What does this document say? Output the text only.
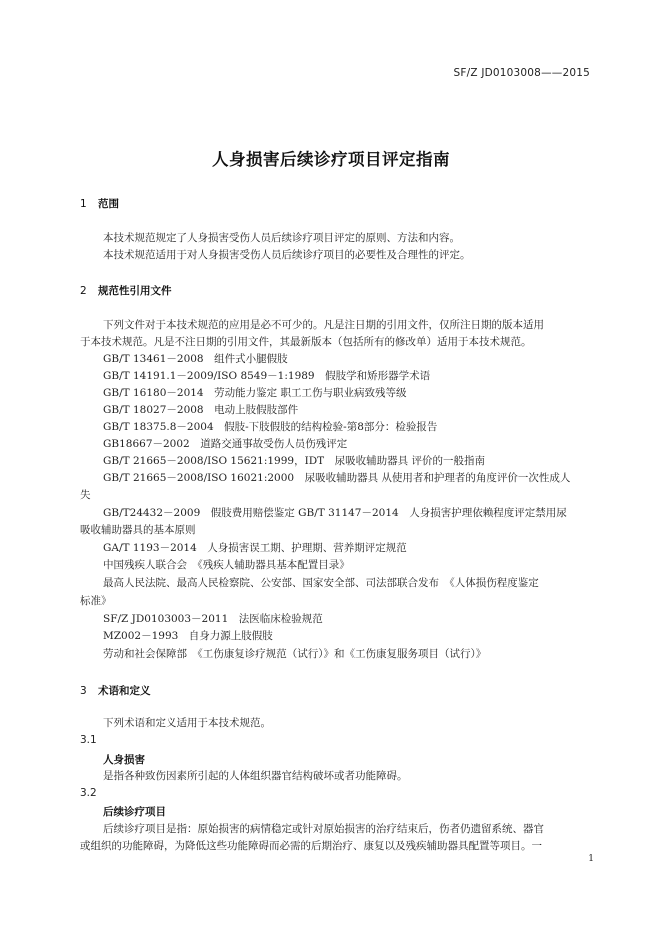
SF/Z JD0103008——2015
人身损害后续诊疗项目评定指南
1 范围
本技术规范规定了人身损害受伤人员后续诊疗项目评定的原则、方法和内容。
本技术规范适用于对人身损害受伤人员后续诊疗项目的必要性及合理性的评定。
2 规范性引用文件
下列文件对于本技术规范的应用是必不可少的。凡是注日期的引用文件，仅所注日期的版本适用
于本技术规范。凡是不注日期的引用文件，其最新版本（包括所有的修改单）适用于本技术规范。
GB/T 13461－2008　组件式小腿假肢
GB/T 14191.1－2009/ISO 8549－1:1989　假肢学和矫形器学术语
GB/T 16180－2014　劳动能力鉴定 职工工伤与职业病致残等级
GB/T 18027－2008　电动上肢假肢部件
GB/T 18375.8－2004　假肢-下肢假肢的结构检验-第8部分：检验报告
GB18667－2002　道路交通事故受伤人员伤残评定
GB/T 21665－2008/ISO 15621:1999，IDT　尿吸收辅助器具 评价的一般指南
GB/T 21665－2008/ISO 16021:2000　尿吸收辅助器具 从使用者和护理者的角度评价一次性成人
失
GB/T24432－2009　假肢费用赔偿鉴定 GB/T 31147－2014　人身损害护理依赖程度评定禁用尿
吸收辅助器具的基本原则
GA/T 1193－2014　人身损害误工期、护理期、营养期评定规范
中国残疾人联合会　《残疾人辅助器具基本配置目录》
最高人民法院、最高人民检察院、公安部、国家安全部、司法部联合发布　《人体损伤程度鉴定
标准》
SF/Z JD0103003－2011　法医临床检验规范
MZ002－1993　自身力源上肢假肢
劳动和社会保障部　《工伤康复诊疗规范（试行）》和《工伤康复服务项目（试行）》
3 术语和定义
下列术语和定义适用于本技术规范。
3.1
人身损害
是指各种致伤因素所引起的人体组织器官结构破坏或者功能障碍。
3.2
后续诊疗项目
后续诊疗项目是指：原始损害的病情稳定或针对原始损害的治疗结束后，伤者仍遗留系统、器官
或组织的功能障碍，为降低这些功能障碍而必需的后期治疗、康复以及残疾辅助器具配置等项目。一
1
